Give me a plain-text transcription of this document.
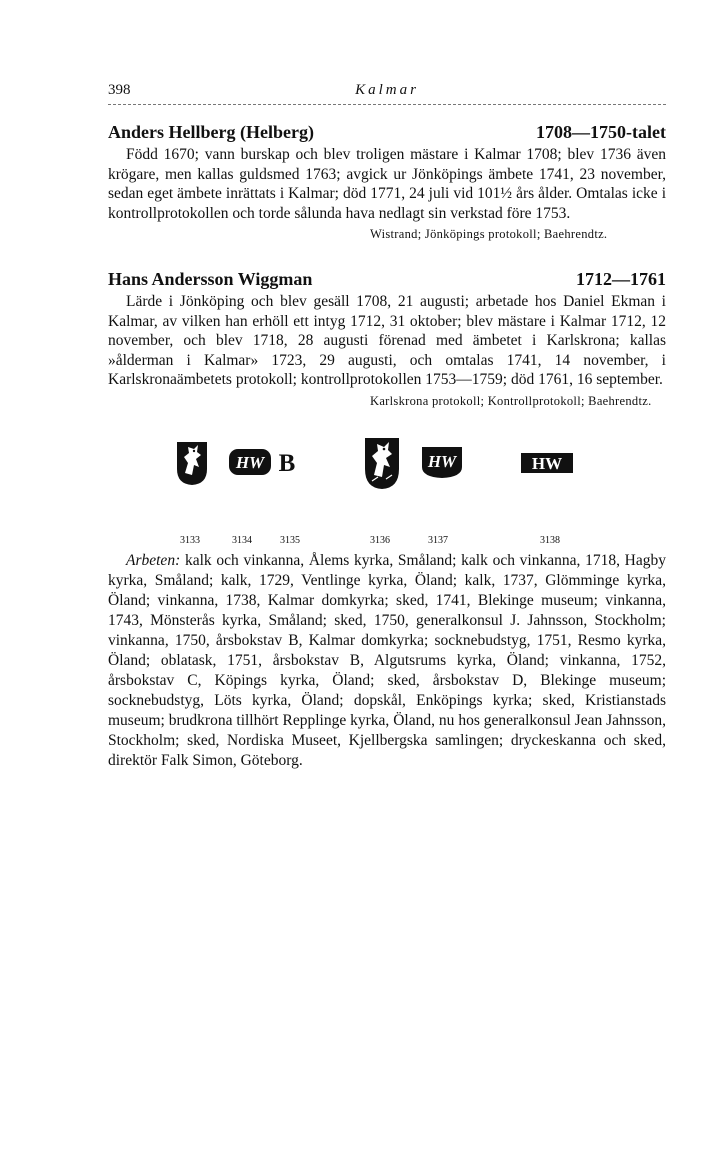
398	Kalmar
Anders Hellberg (Helberg)	1708—1750-talet

Född 1670; vann burskap och blev troligen mästare i Kalmar 1708; blev 1736 även krögare, men kallas guldsmed 1763; avgick ur Jönköpings ämbete 1741, 23 november, sedan eget ämbete inrättats i Kalmar; död 1771, 24 juli vid 101½ års ålder. Omtalas icke i kontrollprotokollen och torde sålunda hava nedlagt sin verkstad före 1753.

Wistrand; Jönköpings protokoll; Baehrendtz.
Hans Andersson Wiggman	1712—1761

Lärde i Jönköping och blev gesäll 1708, 21 augusti; arbetade hos Daniel Ekman i Kalmar, av vilken han erhöll ett intyg 1712, 31 oktober; blev mästare i Kalmar 1712, 12 november, och blev 1718, 28 augusti förenad med ämbetet i Karlskrona; kallas »ålderman i Kalmar» 1723, 29 augusti, och omtalas 1741, 14 november, i Karlskronaämbetets protokoll; kontrollprotokollen 1753—1759; död 1761, 16 september.

Karlskrona protokoll; Kontrollprotokoll; Baehrendtz.
HW B	HW	HW
3133	3134	3135	3136	3137	3138

Arbeten: kalk och vinkanna, Ålems kyrka, Småland; kalk och vinkanna, 1718, Hagby kyrka, Småland; kalk, 1729, Ventlinge kyrka, Öland; kalk, 1737, Glömminge kyrka, Öland; vinkanna, 1738, Kalmar domkyrka; sked, 1741, Blekinge museum; vinkanna, 1743, Mönsterås kyrka, Småland; sked, 1750, generalkonsul J. Jahnsson, Stockholm; vinkanna, 1750, årsbokstav B, Kalmar domkyrka; socknebudstyg, 1751, Resmo kyrka, Öland; oblatask, 1751, årsbokstav B, Algutsrums kyrka, Öland; vinkanna, 1752, årsbokstav C, Köpings kyrka, Öland; sked, årsbokstav D, Blekinge museum; socknebudstyg, Löts kyrka, Öland; dopskål, Enköpings kyrka; sked, Kristianstads museum; brudkrona tillhört Repplinge kyrka, Öland, nu hos generalkonsul Jean Jahnsson, Stockholm; sked, Nordiska Museet, Kjellbergska samlingen; dryckeskanna och sked, direktör Falk Simon, Göteborg.
